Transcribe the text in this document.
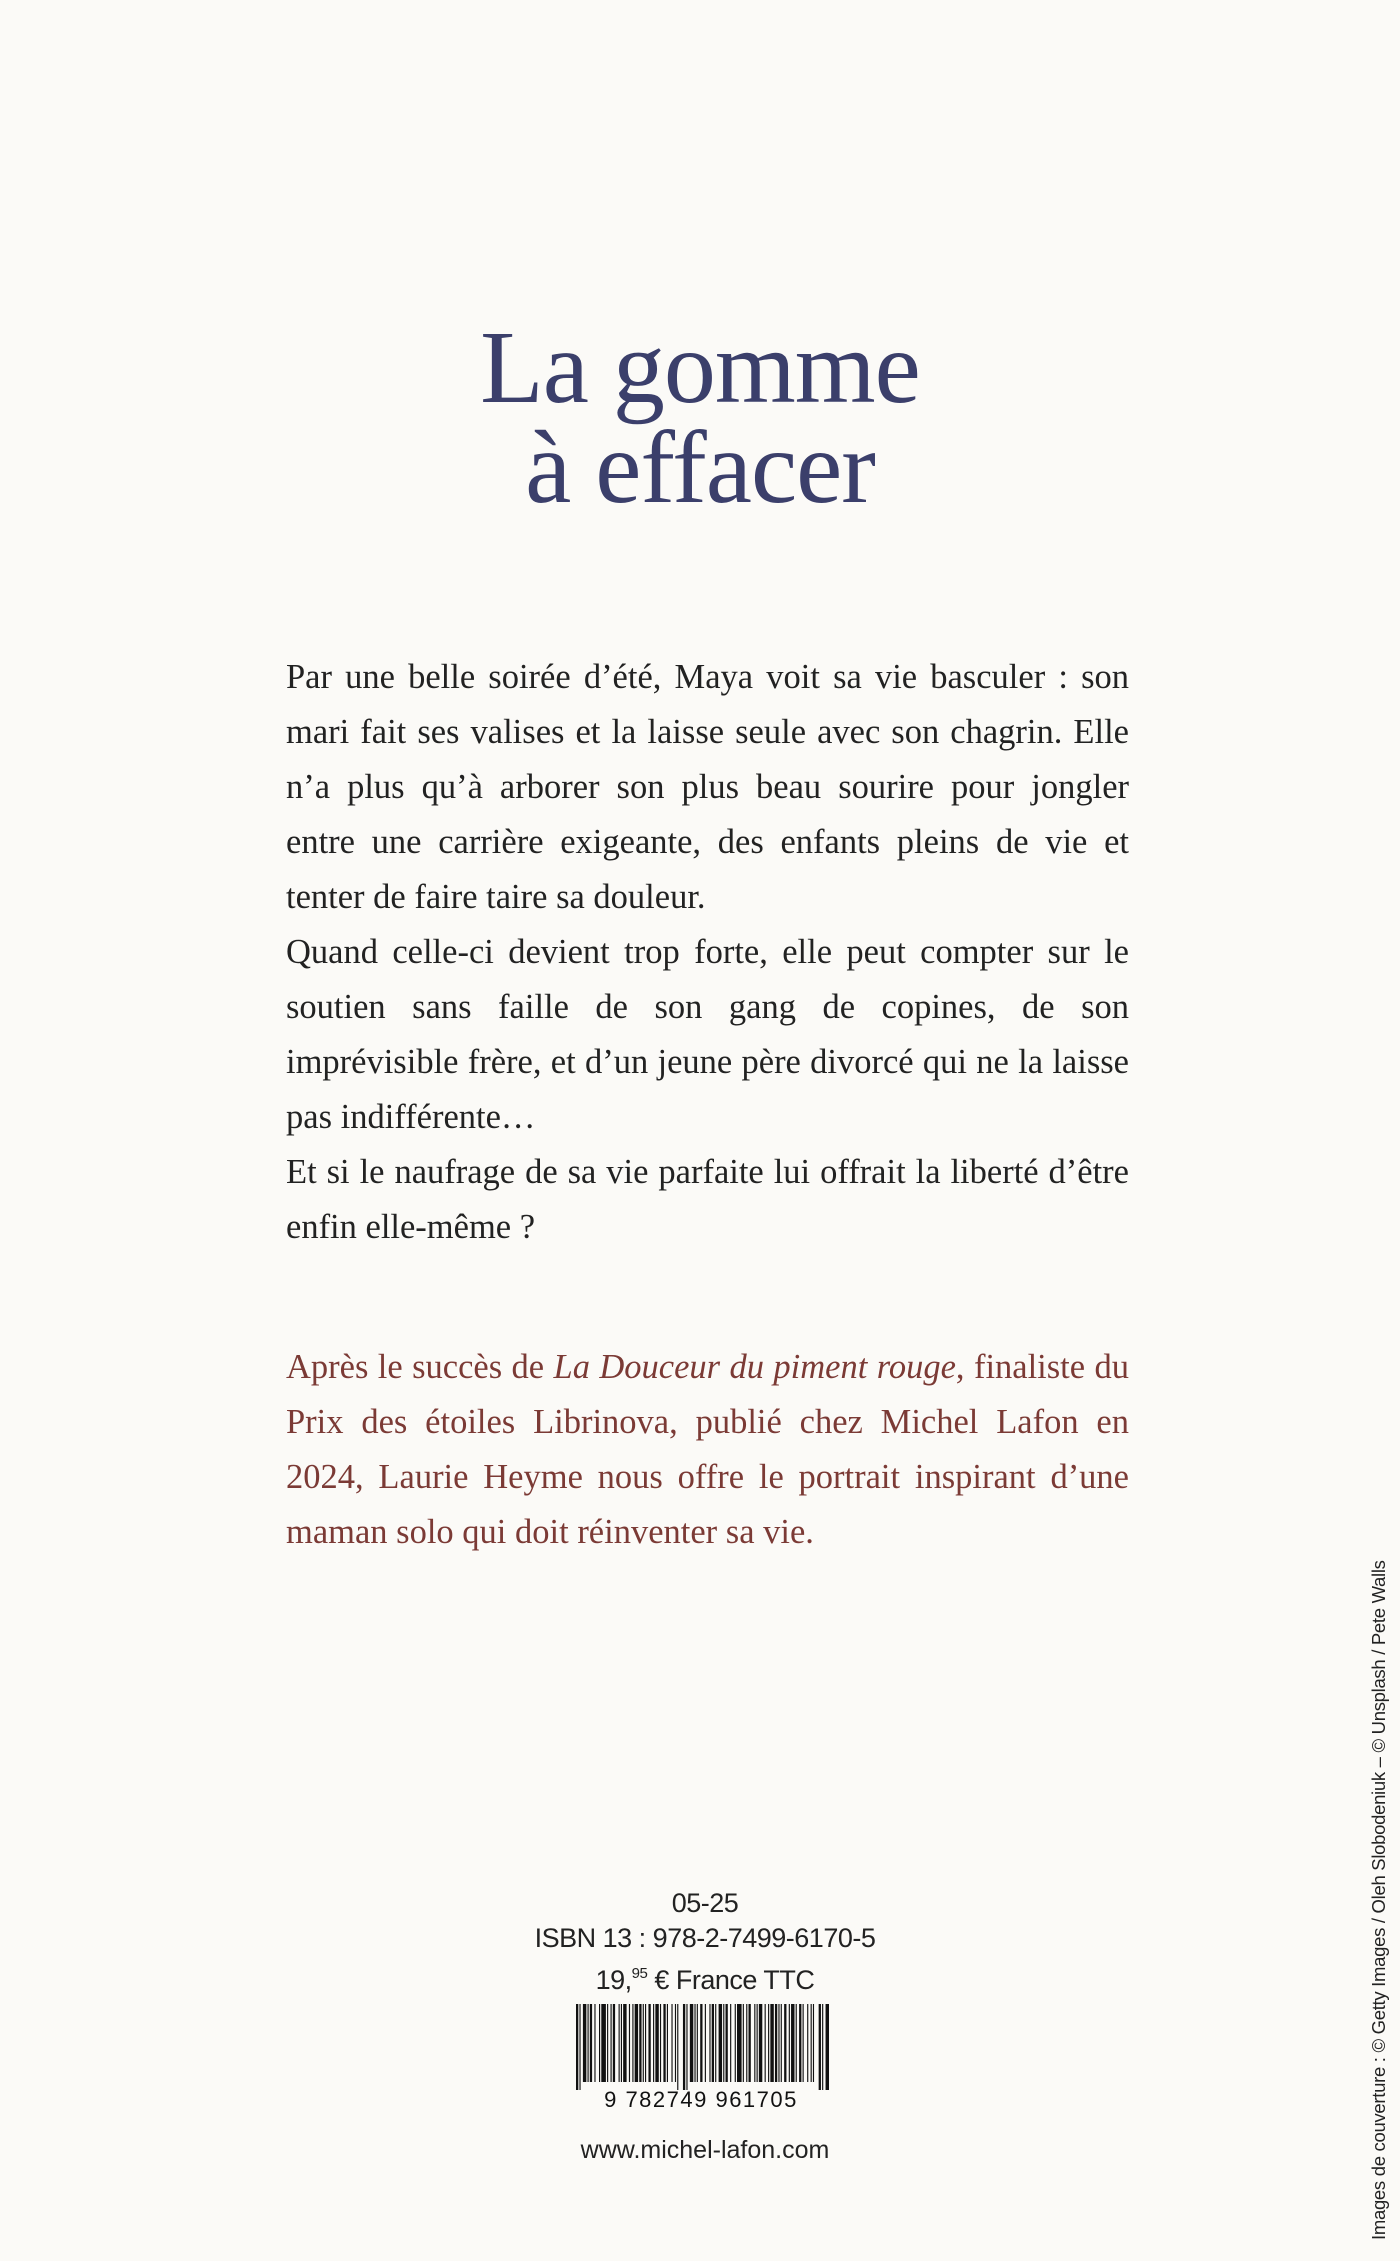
La gomme
à effacer

Par une belle soirée d’été, Maya voit sa vie basculer : son mari fait ses valises et la laisse seule avec son chagrin. Elle n’a plus qu’à arborer son plus beau sourire pour jongler entre une carrière exigeante, des enfants pleins de vie et tenter de faire taire sa douleur.

Quand celle-ci devient trop forte, elle peut compter sur le soutien sans faille de son gang de copines, de son imprévisible frère, et d’un jeune père divorcé qui ne la laisse pas indifférente…

Et si le naufrage de sa vie parfaite lui offrait la liberté d’être enfin elle-même ?

Après le succès de La Douceur du piment rouge, finaliste du Prix des étoiles Librinova, publié chez Michel Lafon en 2024, Laurie Heyme nous offre le portrait inspirant d’une maman solo qui doit réinventer sa vie.
05-25
ISBN 13 : 978-2-7499-6170-5
19,95 € France TTC
9 782749 961705
www.michel-lafon.com	Images de couverture : © Getty Images / Oleh Slobodeniuk – © Unsplash / Pete Walls
